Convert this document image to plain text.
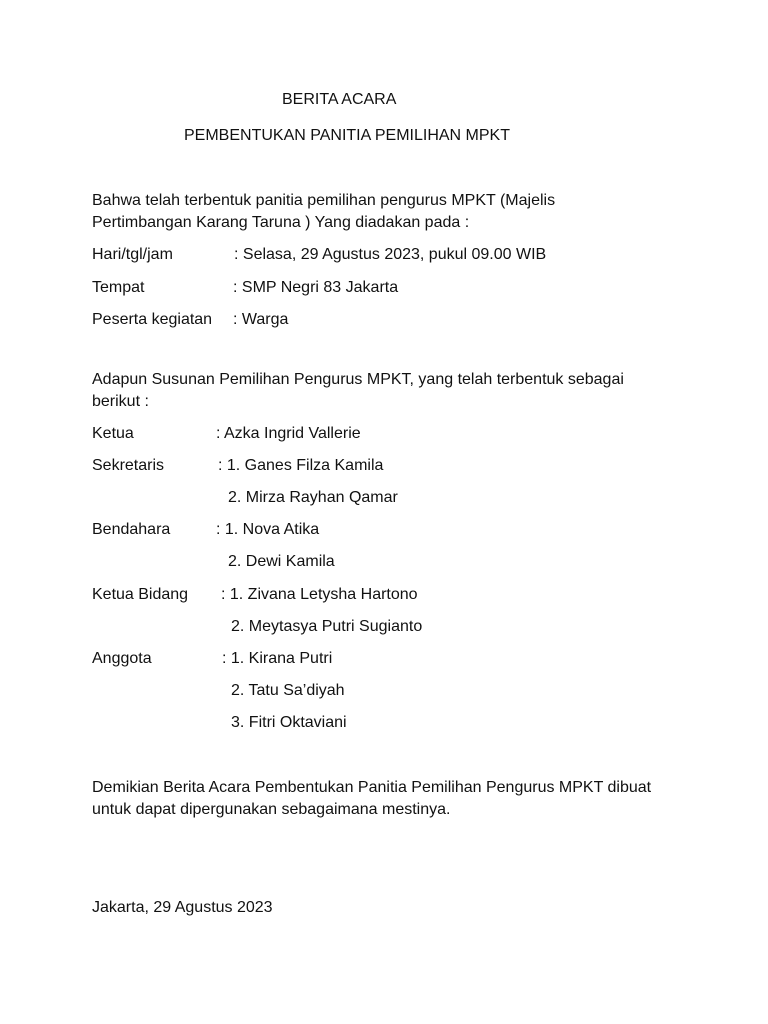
BERITA ACARA
PEMBENTUKAN PANITIA PEMILIHAN MPKT
Bahwa telah terbentuk panitia pemilihan pengurus MPKT (Majelis
Pertimbangan Karang Taruna ) Yang diadakan pada :
Hari/tgl/jam	: Selasa, 29 Agustus 2023, pukul 09.00 WIB
Tempat	: SMP Negri 83 Jakarta
Peserta kegiatan : Warga
Adapun Susunan Pemilihan Pengurus MPKT, yang telah terbentuk sebagai
berikut :
Ketua	: Azka Ingrid Vallerie
Sekretaris	: 1. Ganes Filza Kamila
2. Mirza Rayhan Qamar
Bendahara	: 1. Nova Atika
2. Dewi Kamila
Ketua Bidang : 1. Zivana Letysha Hartono
2. Meytasya Putri Sugianto
Anggota	: 1. Kirana Putri
2. Tatu Sa’diyah
3. Fitri Oktaviani
Demikian Berita Acara Pembentukan Panitia Pemilihan Pengurus MPKT dibuat
untuk dapat dipergunakan sebagaimana mestinya.
Jakarta, 29 Agustus 2023
